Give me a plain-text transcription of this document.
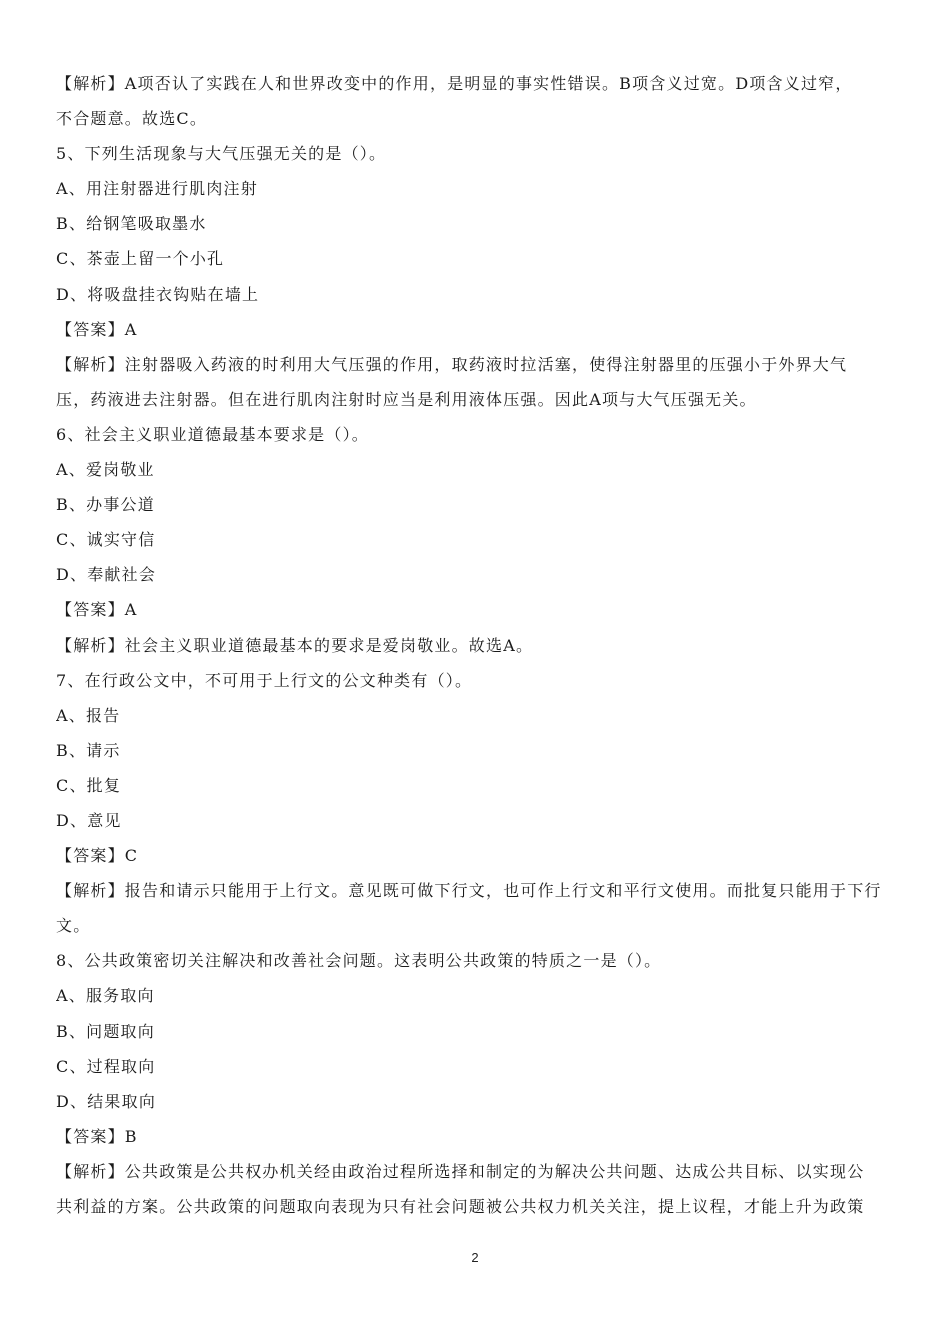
【解析】A项否认了实践在人和世界改变中的作用，是明显的事实性错误。B项含义过宽。D项含义过窄，
不合题意。故选C。
5、下列生活现象与大气压强无关的是（）。
A、用注射器进行肌肉注射
B、给钢笔吸取墨水
C、茶壶上留一个小孔
D、将吸盘挂衣钩贴在墙上
【答案】A
【解析】注射器吸入药液的时利用大气压强的作用，取药液时拉活塞，使得注射器里的压强小于外界大气
压，药液进去注射器。但在进行肌肉注射时应当是利用液体压强。因此A项与大气压强无关。
6、社会主义职业道德最基本要求是（）。
A、爱岗敬业
B、办事公道
C、诚实守信
D、奉献社会
【答案】A
【解析】社会主义职业道德最基本的要求是爱岗敬业。故选A。
7、在行政公文中，不可用于上行文的公文种类有（）。
A、报告
B、请示
C、批复
D、意见
【答案】C
【解析】报告和请示只能用于上行文。意见既可做下行文，也可作上行文和平行文使用。而批复只能用于下行
文。
8、公共政策密切关注解决和改善社会问题。这表明公共政策的特质之一是（）。
A、服务取向
B、问题取向
C、过程取向
D、结果取向
【答案】B
【解析】公共政策是公共权办机关经由政治过程所选择和制定的为解决公共问题、达成公共目标、以实现公
共利益的方案。公共政策的问题取向表现为只有社会问题被公共权力机关关注，提上议程，才能上升为政策
2
